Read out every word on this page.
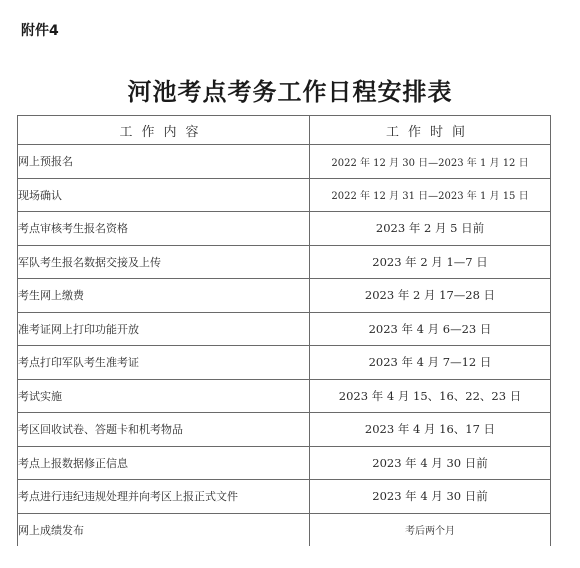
附件4
河池考点考务工作日程安排表
工作内容	工作时间
网上预报名	2022 年 12 月 30 日—2023 年 1 月 12 日
现场确认	2022 年 12 月 31 日—2023 年 1 月 15 日
考点审核考生报名资格	2023 年 2 月 5 日前
军队考生报名数据交接及上传	2023 年 2 月 1—7 日
考生网上缴费	2023 年 2 月 17—28 日
准考证网上打印功能开放	2023 年 4 月 6—23 日
考点打印军队考生准考证	2023 年 4 月 7—12 日
考试实施	2023 年 4 月 15、16、22、23 日
考区回收试卷、答题卡和机考物品	2023 年 4 月 16、17 日
考点上报数据修正信息	2023 年 4 月 30 日前
考点进行违纪违规处理并向考区上报正式文件	2023 年 4 月 30 日前
网上成绩发布	考后两个月
